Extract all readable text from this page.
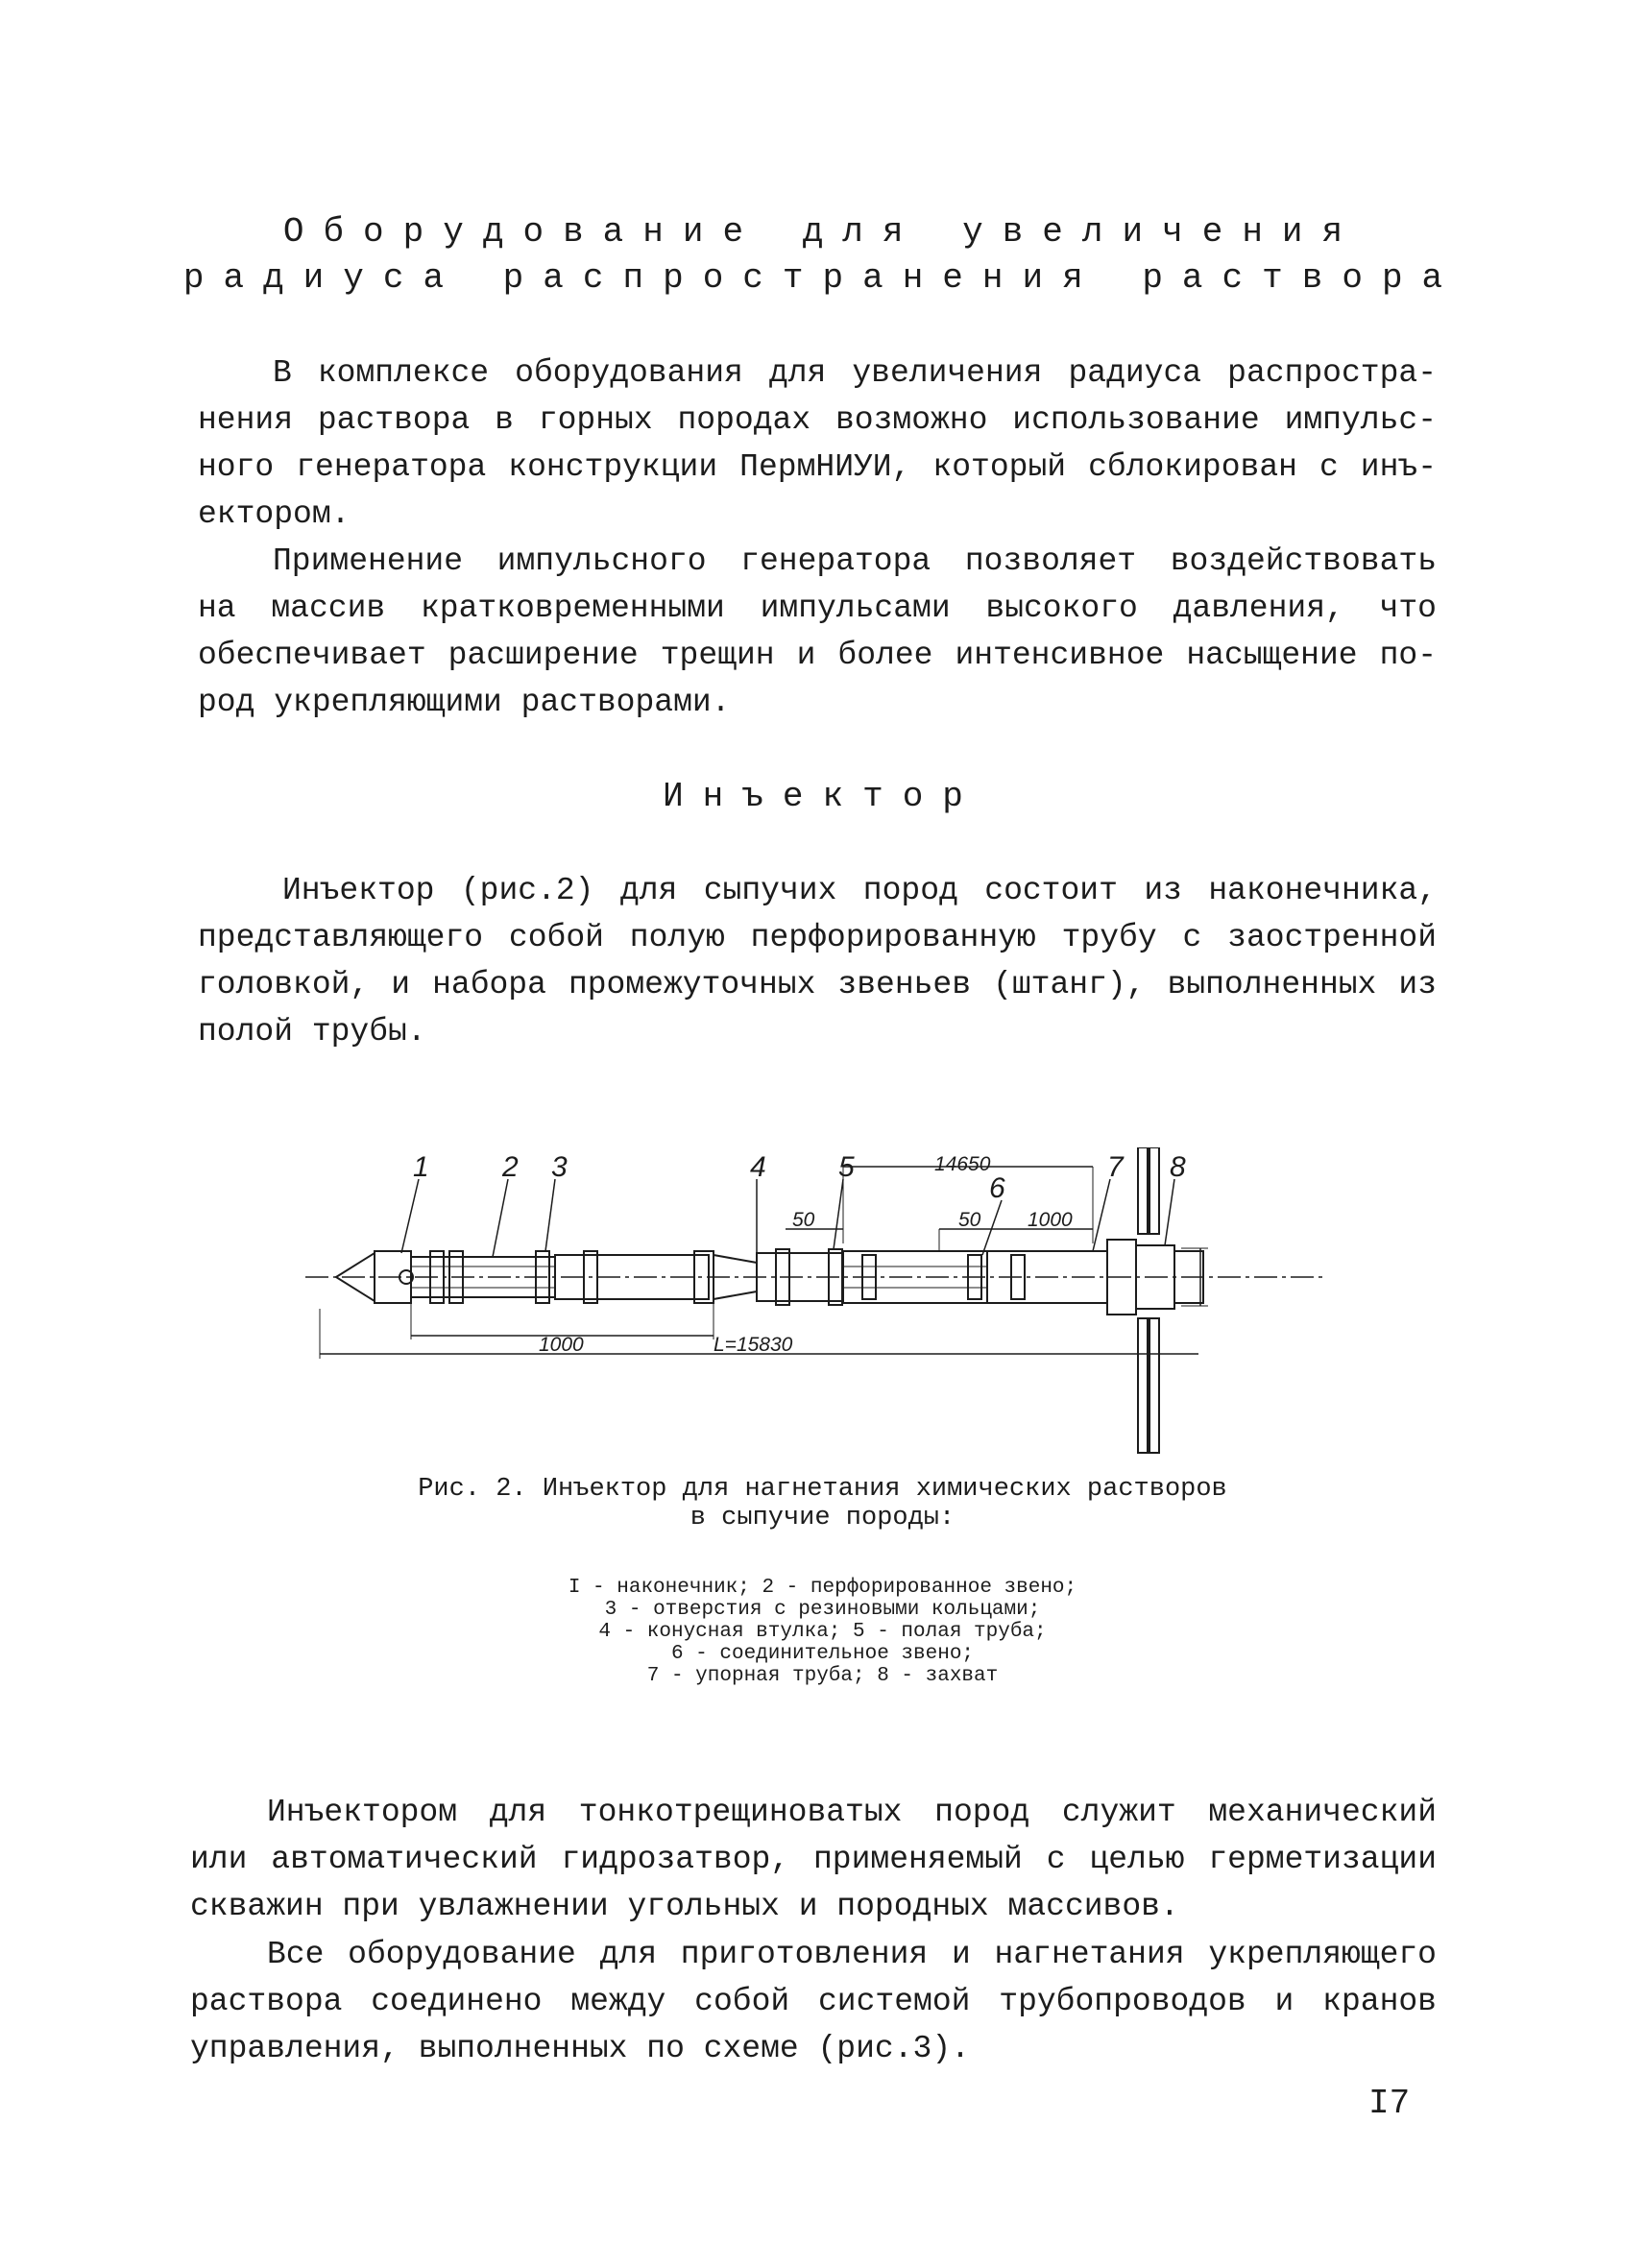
Оборудование для увеличения
радиуса распространения раствора
В комплексе оборудования для увеличения радиуса распростра-
нения раствора в горных породах возможно использование импульс-
ного генератора конструкции ПермНИУИ, который сблокирован с инъ-
ектором.
Применение импульсного генератора позволяет воздействовать
на массив кратковременными импульсами высокого давления, что
обеспечивает расширение трещин и более интенсивное насыщение по-
род укрепляющими растворами.
Инъектор
Инъектор (рис.2) для сыпучих пород состоит из наконечника,
представляющего собой полую перфорированную трубу с заостренной
головкой, и набора промежуточных звеньев (штанг), выполненных из
полой трубы.
14650
50	50 1000
1000	L=15830
1	2 3	4	5
6
7 8

Рис. 2. Инъектор для нагнетания химических растворов

в сыпучие породы:

I - наконечник; 2 - перфорированное звено;
3 - отверстия с резиновыми кольцами;
4 - конусная втулка; 5 - полая труба;
6 - соединительное звено;
7 - упорная труба; 8 - захват
Инъектором для тонкотрещиноватых пород служит механический
или автоматический гидрозатвор, применяемый с целью герметизации
скважин при увлажнении угольных и породных массивов.
Все оборудование для приготовления и нагнетания укрепляющего
раствора соединено между собой системой трубопроводов и кранов
управления, выполненных по схеме (рис.3).
I7
